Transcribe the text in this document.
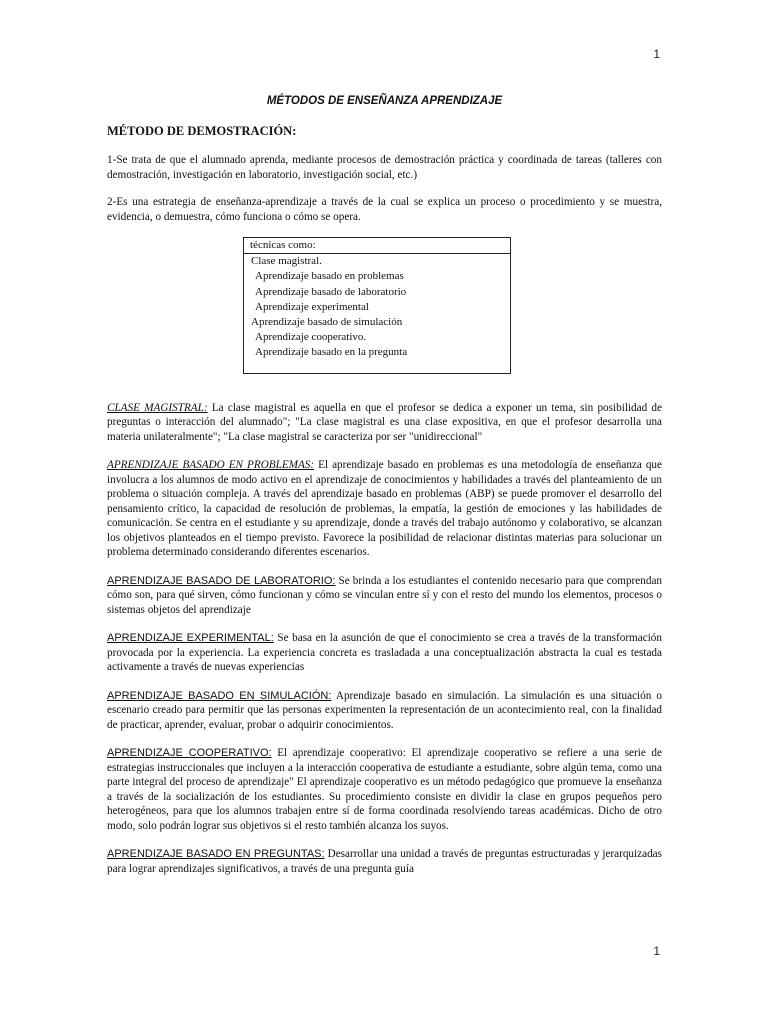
1
MÉTODOS DE ENSEÑANZA APRENDIZAJE
MÉTODO DE DEMOSTRACIÓN:

1-Se trata de que el alumnado aprenda, mediante procesos de demostración práctica y coordinada de tareas (talleres con demostración, investigación en laboratorio, investigación social, etc.)

2-Es una estrategia de enseñanza-aprendizaje a través de la cual se explica un proceso o procedimiento y se muestra, evidencia, o demuestra, cómo funciona o cómo se opera.

técnicas como:
Clase magistral.
Aprendizaje basado en problemas
Aprendizaje basado de laboratorio
Aprendizaje experimental
Aprendizaje basado de simulación
Aprendizaje cooperativo.
Aprendizaje basado en la pregunta

CLASE MAGISTRAL: La clase magistral es aquella en que el profesor se dedica a exponer un tema, sin posibilidad de preguntas o interacción del alumnado"; "La clase magistral es una clase expositiva, en que el profesor desarrolla una materia unilateralmente"; "La clase magistral se caracteriza por ser "unidireccional"

APRENDIZAJE BASADO EN PROBLEMAS: El aprendizaje basado en problemas es una metodología de enseñanza que involucra a los alumnos de modo activo en el aprendizaje de conocimientos y habilidades a través del planteamiento de un problema o situación compleja. A través del aprendizaje basado en problemas (ABP) se puede promover el desarrollo del pensamiento crítico, la capacidad de resolución de problemas, la empatía, la gestión de emociones y las habilidades de comunicación. Se centra en el estudiante y su aprendizaje, donde a través del trabajo autónomo y colaborativo, se alcanzan los objetivos planteados en el tiempo previsto. Favorece la posibilidad de relacionar distintas materias para solucionar un problema determinado considerando diferentes escenarios.

APRENDIZAJE BASADO DE LABORATORIO: Se brinda a los estudiantes el contenido necesario para que comprendan cómo son, para qué sirven, cómo funcionan y cómo se vinculan entre sí y con el resto del mundo los elementos, procesos o sistemas objetos del aprendizaje

APRENDIZAJE EXPERIMENTAL: Se basa en la asunción de que el conocimiento se crea a través de la transformación provocada por la experiencia. La experiencia concreta es trasladada a una conceptualización abstracta la cual es testada activamente a través de nuevas experiencias

APRENDIZAJE BASADO EN SIMULACIÓN: Aprendizaje basado en simulación. La simulación es una situación o escenario creado para permitir que las personas experimenten la representación de un acontecimiento real, con la finalidad de practicar, aprender, evaluar, probar o adquirir conocimientos.

APRENDIZAJE COOPERATIVO: El aprendizaje cooperativo: El aprendizaje cooperativo se refiere a una serie de estrategias instruccionales que incluyen a la interacción cooperativa de estudiante a estudiante, sobre algún tema, como una parte integral del proceso de aprendizaje" El aprendizaje cooperativo es un método pedagógico que promueve la enseñanza a través de la socialización de los estudiantes. Su procedimiento consiste en dividir la clase en grupos pequeños pero heterogéneos, para que los alumnos trabajen entre sí de forma coordinada resolviendo tareas académicas. Dicho de otro modo, solo podrán lograr sus objetivos si el resto también alcanza los suyos.

APRENDIZAJE BASADO EN PREGUNTAS: Desarrollar una unidad a través de preguntas estructuradas y jerarquizadas para lograr aprendizajes significativos, a través de una pregunta guía

1
